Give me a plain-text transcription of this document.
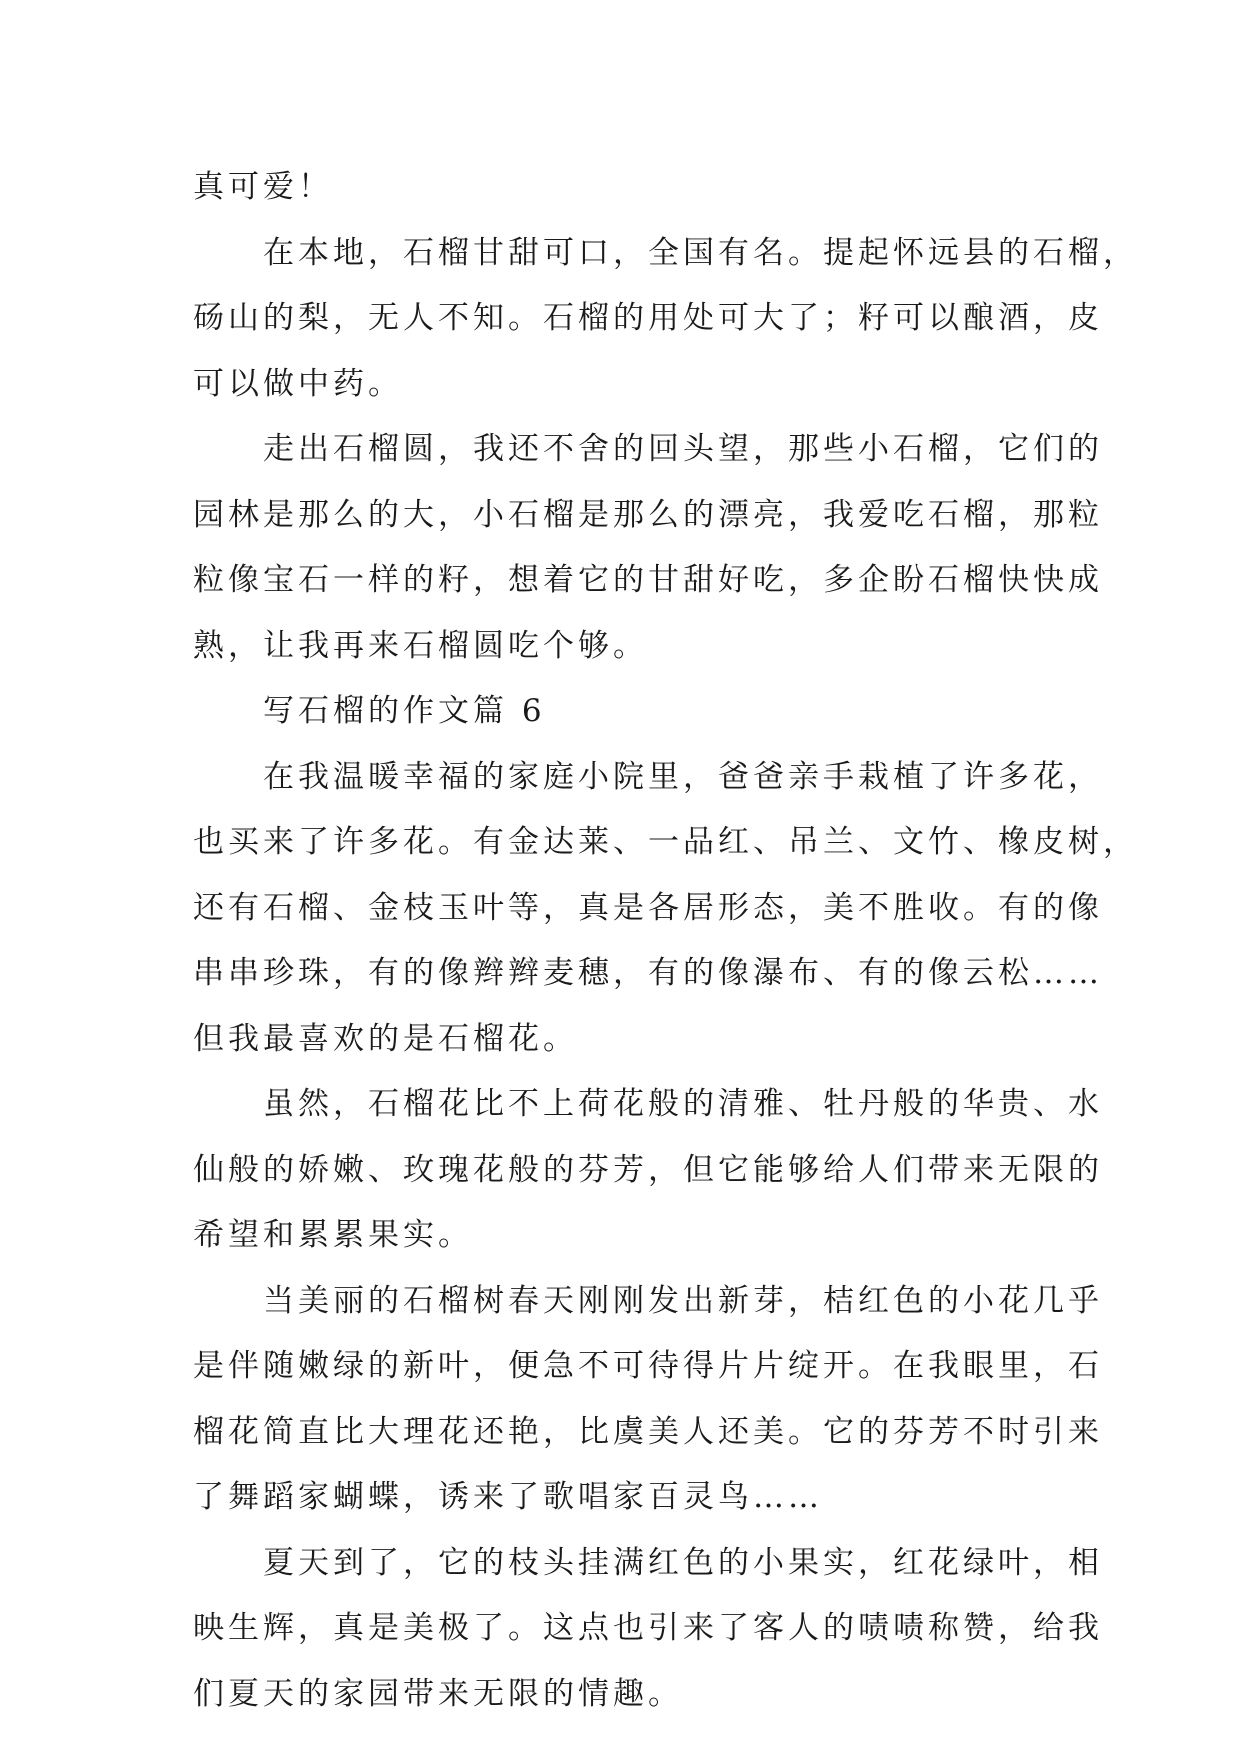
真可爱！
　　在本地，石榴甘甜可口，全国有名。提起怀远县的石榴，
砀山的梨，无人不知。石榴的用处可大了；籽可以酿酒，皮
可以做中药。
　　走出石榴圆，我还不舍的回头望，那些小石榴，它们的
园林是那么的大，小石榴是那么的漂亮，我爱吃石榴，那粒
粒像宝石一样的籽，想着它的甘甜好吃，多企盼石榴快快成
熟，让我再来石榴圆吃个够。
　　写石榴的作文篇 6
　　在我温暖幸福的家庭小院里，爸爸亲手栽植了许多花，
也买来了许多花。有金达莱、一品红、吊兰、文竹、橡皮树，
还有石榴、金枝玉叶等，真是各居形态，美不胜收。有的像
串串珍珠，有的像辫辫麦穗，有的像瀑布、有的像云松……
但我最喜欢的是石榴花。
　　虽然，石榴花比不上荷花般的清雅、牡丹般的华贵、水
仙般的娇嫩、玫瑰花般的芬芳，但它能够给人们带来无限的
希望和累累果实。
　　当美丽的石榴树春天刚刚发出新芽，桔红色的小花几乎
是伴随嫩绿的新叶，便急不可待得片片绽开。在我眼里，石
榴花简直比大理花还艳，比虞美人还美。它的芬芳不时引来
了舞蹈家蝴蝶，诱来了歌唱家百灵鸟……
　　夏天到了，它的枝头挂满红色的小果实，红花绿叶，相
映生辉，真是美极了。这点也引来了客人的啧啧称赞，给我
们夏天的家园带来无限的情趣。
